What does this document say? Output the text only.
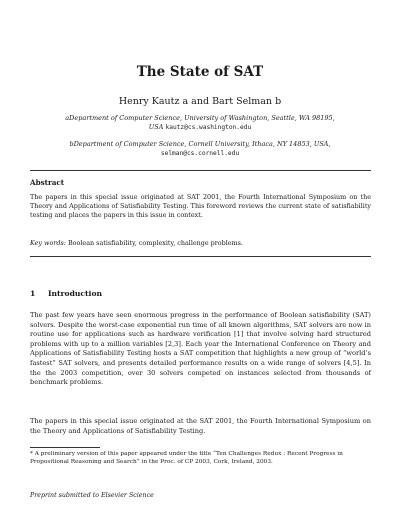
The State of SAT
Henry Kautz a and Bart Selman b
aDepartment of Computer Science, University of Washington, Seattle, WA 98195,
USA kautz@cs.washington.edu
bDepartment of Computer Science, Cornell University, Ithaca, NY 14853, USA,
selman@cs.cornell.edu
Abstract
The papers in this special issue originated at SAT 2001, the Fourth International Symposium on the Theory and Applications of Satisfiability Testing. This foreword reviews the current state of satisfiability testing and places the papers in this issue in context.
Key words: Boolean satisfiability, complexity, challenge problems.
1 Introduction
The past few years have seen enormous progress in the performance of Boolean satisfiability (SAT) solvers. Despite the worst-case exponential run time of all known algorithms, SAT solvers are now in routine use for applications such as hardware verification [1] that involve solving hard structured problems with up to a million variables [2,3]. Each year the International Conference on Theory and Applications of Satisfiability Testing hosts a SAT competition that highlights a new group of “world’s fastest” SAT solvers, and presents detailed performance results on a wide range of solvers [4,5]. In the the 2003 competition, over 30 solvers competed on instances selected from thousands of benchmark problems.
The papers in this special issue originated at the SAT 2001, the Fourth International Symposium on the Theory and Applications of Satisfiability Testing.
* A preliminary version of this paper appeared under the title “Ten Challenges Redux : Recent Progress in Propositional Reasoning and Search” in the Proc. of CP 2003, Cork, Ireland, 2003.
Preprint submitted to Elsevier Science
